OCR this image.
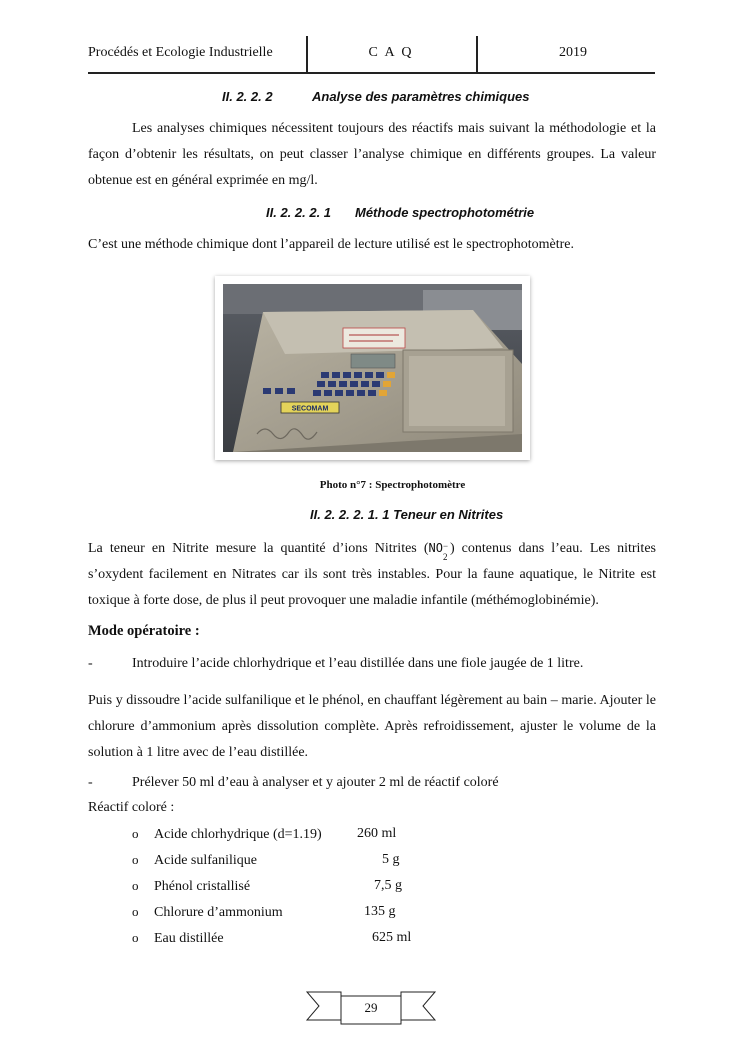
Procédés et Ecologie Industrielle	C A Q	2019
II. 2. 2. 2	Analyse des paramètres chimiques
Les analyses chimiques nécessitent toujours des réactifs mais suivant la méthodologie et la façon d’obtenir les résultats, on peut classer l’analyse chimique en différents groupes. La valeur obtenue est en général exprimée en mg/l.
II. 2. 2. 2. 1 Méthode spectrophotométrie
C’est une méthode chimique dont l’appareil de lecture utilisé est le spectrophotomètre.
SECOMAM
Photo n°7 : Spectrophotomètre
II. 2. 2. 2. 1. 1 Teneur en Nitrites
La teneur en Nitrite mesure la quantité d’ions Nitrites (NO −
2
) contenus dans l’eau. Les nitrites s’oxydent facilement en Nitrates car ils sont très instables. Pour la faune aquatique, le Nitrite est toxique à forte dose, de plus il peut provoquer une maladie infantile (méthémoglobinémie).
Mode opératoire :
-	Introduire l’acide chlorhydrique et l’eau distillée dans une fiole jaugée de 1 litre.
Puis y dissoudre l’acide sulfanilique et le phénol, en chauffant légèrement au bain – marie. Ajouter le chlorure d’ammonium après dissolution complète. Après refroidissement, ajuster le volume de la solution à 1 litre avec de l’eau distillée.
-	Prélever 50 ml d’eau à analyser et y ajouter 2 ml de réactif coloré
Réactif coloré :
o Acide chlorhydrique (d=1.19)	260 ml
o Acide sulfanilique	5 g
o Phénol cristallisé	7,5 g
o Chlorure d’ammonium	135 g
o Eau distillée	625 ml
29
